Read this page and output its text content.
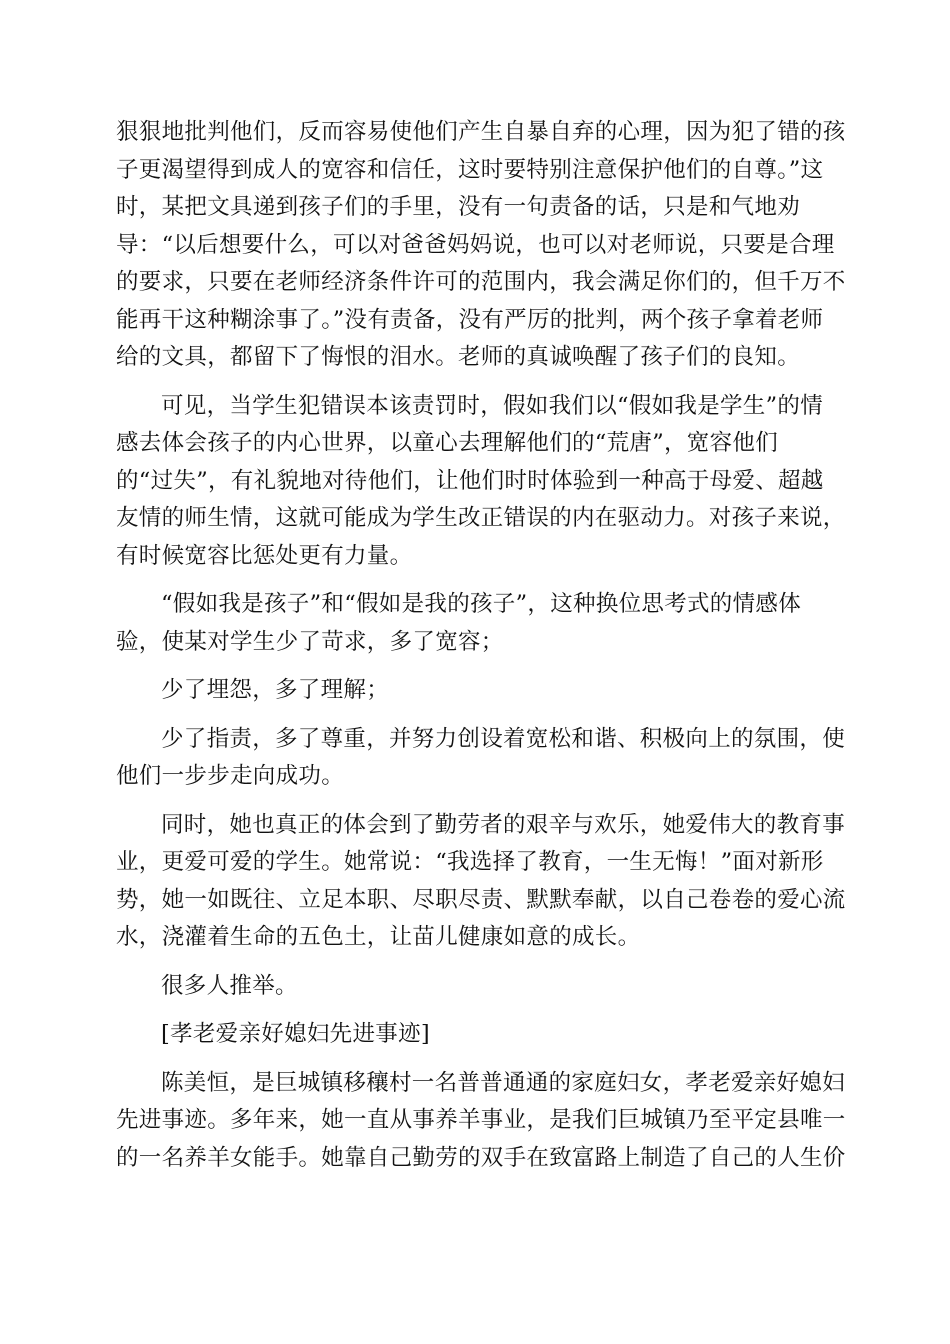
狠狠地批判他们，反而容易使他们产生自暴自弃的心理，因为犯了错的孩
子更渴望得到成人的宽容和信任，这时要特别注意保护他们的自尊。”这
时，某把文具递到孩子们的手里，没有一句责备的话，只是和气地劝
导：“以后想要什么，可以对爸爸妈妈说，也可以对老师说，只要是合理
的要求，只要在老师经济条件许可的范围内，我会满足你们的，但千万不
能再干这种糊涂事了。”没有责备，没有严厉的批判，两个孩子拿着老师
给的文具，都留下了悔恨的泪水。老师的真诚唤醒了孩子们的良知。
可见，当学生犯错误本该责罚时，假如我们以“假如我是学生”的情
感去体会孩子的内心世界，以童心去理解他们的“荒唐”，宽容他们
的“过失”，有礼貌地对待他们，让他们时时体验到一种高于母爱、超越
友情的师生情，这就可能成为学生改正错误的内在驱动力。对孩子来说，
有时候宽容比惩处更有力量。
“假如我是孩子”和“假如是我的孩子”，这种换位思考式的情感体
验，使某对学生少了苛求，多了宽容；
少了埋怨，多了理解；
少了指责，多了尊重，并努力创设着宽松和谐、积极向上的氛围，使
他们一步步走向成功。
同时，她也真正的体会到了勤劳者的艰辛与欢乐，她爱伟大的教育事
业，更爱可爱的学生。她常说：“我选择了教育，一生无悔！”面对新形
势，她一如既往、立足本职、尽职尽责、默默奉献，以自己卷卷的爱心流
水，浇灌着生命的五色土，让苗儿健康如意的成长。
很多人推举。
[孝老爱亲好媳妇先进事迹]
陈美恒，是巨城镇移穰村一名普普通通的家庭妇女，孝老爱亲好媳妇
先进事迹。多年来，她一直从事养羊事业，是我们巨城镇乃至平定县唯一
的一名养羊女能手。她靠自己勤劳的双手在致富路上制造了自己的人生价
